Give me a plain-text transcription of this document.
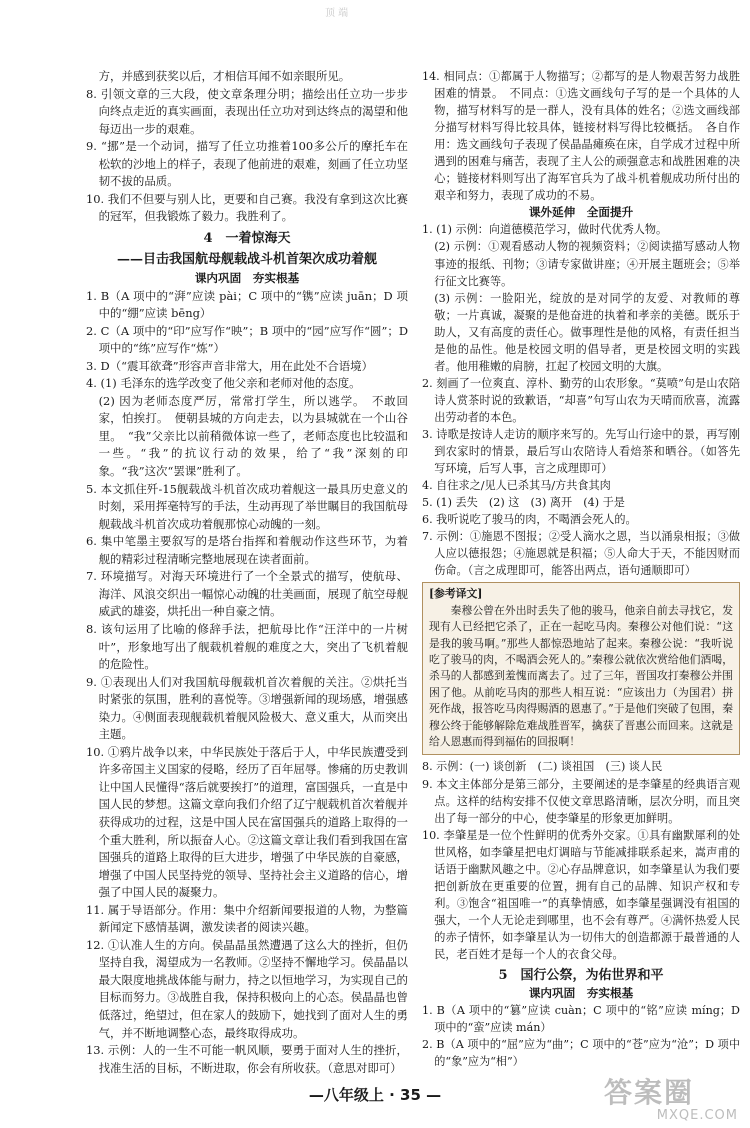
顶 端

方，并感到获奖以后，才相信耳闻不如亲眼所见。

8. 引领文章的三大段，使文章条理分明；描绘出任立功一步步向终点走近的真实画面，表现出任立功对到达终点的渴望和他每迈出一步的艰难。

9. “挪”是一个动词，描写了任立功推着100多公斤的摩托车在松软的沙地上的样子，表现了他前进的艰难，刻画了任立功坚韧不拔的品质。

10. 我们不但要与别人比，更要和自己赛。我没有拿到这次比赛的冠军，但我锻炼了毅力。我胜利了。

4　一着惊海天

——目击我国航母舰载战斗机首架次成功着舰

课内巩固　夯实根基

1. B（A 项中的“湃”应读 pài；C 项中的“镌”应读 juān；D 项中的“绷”应读 bēng）

2. C（A 项中的“印”应写作“映”；B 项中的“园”应写作“圆”；D 项中的“练”应写作“炼”）

3. D（“震耳欲聋”形容声音非常大，用在此处不合语境）

4. (1) 毛泽东的选学改变了他父亲和老师对他的态度。

(2) 因为老师态度严厉，常常打学生，所以逃学。　不敢回家，怕挨打。　便朝县城的方向走去，以为县城就在一个山谷里。　“我”父亲比以前稍微体谅一些了，老师态度也比较温和一些。“我”的抗议行动的效果，给了“我”深刻的印象。“我”这次“罢课”胜利了。

5. 本文抓住歼-15舰载战斗机首次成功着舰这一最具历史意义的时刻，采用挥毫特写的手法，生动再现了举世瞩目的我国航母舰载战斗机首次成功着舰那惊心动魄的一刻。

6. 集中笔墨主要叙写的是塔台指挥和着舰动作这些环节，为着舰的精彩过程清晰完整地展现在读者面前。

7. 环境描写。对海天环境进行了一个全景式的描写，使航母、海洋、风浪交织出一幅惊心动魄的壮美画面，展现了航空母舰威武的雄姿，烘托出一种自豪之情。

8. 该句运用了比喻的修辞手法，把航母比作“汪洋中的一片树叶”，形象地写出了舰载机着舰的难度之大，突出了飞机着舰的危险性。

9. ①表现出人们对我国航母舰载机首次着舰的关注。②烘托当时紧张的氛围，胜利的喜悦等。③增强新闻的现场感，增强感染力。④侧面表现舰载机着舰风险极大、意义重大，从而突出主题。

10. ①鸦片战争以来，中华民族处于落后于人，中华民族遭受到许多帝国主义国家的侵略，经历了百年屈辱。惨痛的历史教训让中国人民懂得“落后就要挨打”的道理，富国强兵，一直是中国人民的梦想。这篇文章向我们介绍了辽宁舰载机首次着舰并获得成功的过程，这是中国人民在富国强兵的道路上取得的一个重大胜利，所以振奋人心。②这篇文章让我们看到我国在富国强兵的道路上取得的巨大进步，增强了中华民族的自豪感，增强了中国人民坚持党的领导、坚持社会主义道路的信心，增强了中国人民的凝聚力。

11. 属于导语部分。作用：集中介绍新闻要报道的人物，为整篇新闻定下感情基调，激发读者的阅读兴趣。

12. ①认准人生的方向。侯晶晶虽然遭遇了这么大的挫折，但仍坚持自我，渴望成为一名教师。②坚持不懈地学习。侯晶晶以最大限度地挑战体能与耐力，持之以恒地学习，为实现自己的目标而努力。③战胜自我，保持积极向上的心态。侯晶晶也曾低落过，绝望过，但在家人的鼓励下，她找到了面对人生的勇气，并不断地调整心态，最终取得成功。

13. 示例：人的一生不可能一帆风顺，要勇于面对人生的挫折，找准生活的目标，不断进取，你会有所收获。（意思对即可）

14. 相同点：①都属于人物描写；②都写的是人物艰苦努力战胜困难的情景。　不同点：①选文画线句子写的是一个具体的人物，描写材料写的是一群人，没有具体的姓名；②选文画线部分描写材料写得比较具体，链接材料写得比较概括。　各自作用：选文画线句子表现了侯晶晶瘫痪在床，自学成才过程中所遇到的困难与痛苦，表现了主人公的顽强意志和战胜困难的决心；链接材料则写出了海军官兵为了战斗机着舰成功所付出的艰辛和努力，表现了成功的不易。

课外延伸　全面提升

1. (1) 示例：向道德模范学习，做时代优秀人物。

(2) 示例：①观看感动人物的视频资料；②阅读描写感动人物事迹的报纸、刊物；③请专家做讲座；④开展主题班会；⑤举行征文比赛等。

(3) 示例：一脸阳光，绽放的是对同学的友爱、对教师的尊敬；一片真诚，凝聚的是他奋进的执着和孝亲的美德。既乐于助人，又有高度的责任心。做事理性是他的风格，有责任担当是他的品性。他是校园文明的倡导者，更是校园文明的实践者。他用稚嫩的肩膀，扛起了校园文明的大旗。

2. 刻画了一位爽直、淳朴、勤劳的山农形象。“莫喷”句是山农陪诗人赏茶时说的致歉语，“却喜”句写山农为天晴而欣喜，流露出劳动者的本色。

3. 诗歌是按诗人走访的顺序来写的。先写山行途中的景，再写刚到农家时的情景，最后写山农陪诗人看焙茶和晒谷。（如答先写环境，后写人事，言之成理即可）

4. 自往求之/见人已杀其马/方共食其肉

5. (1) 丢失　(2) 这　(3) 离开　(4) 于是

6. 我听说吃了骏马的肉，不喝酒会死人的。

7. 示例：①施恩不图报；②受人滴水之恩，当以涌泉相报；③做人应以德报怨；④施恩就是积福；⑤人命大于天，不能因财而伤命。（言之成理即可，能答出两点，语句通顺即可）

[参考译文]

秦穆公曾在外出时丢失了他的骏马，他亲自前去寻找它，发现有人已经把它杀了，正在一起吃马肉。秦穆公对他们说：“这是我的骏马啊。”那些人都惊恐地站了起来。秦穆公说：“我听说吃了骏马的肉，不喝酒会死人的。”秦穆公就依次赏给他们酒喝，杀马的人都感到羞愧而离去了。过了三年，晋国攻打秦穆公并围困了他。从前吃马肉的那些人相互说：“应该出力（为国君）拼死作战，报答吃马肉得赐酒的恩惠了。”于是他们突破了包围，秦穆公终于能够解除危难战胜晋军，擒获了晋惠公而回来。这就是给人恩惠而得到福佑的回报啊！

8. 示例：(一) 谈创新　(二) 谈祖国　(三) 谈人民

9. 本文主体部分是第三部分，主要阐述的是李肇星的经典语言观点。这样的结构安排不仅使文章思路清晰，层次分明，而且突出了每一部分的中心，使李肇星的形象更加鲜明。

10. 李肇星是一位个性鲜明的优秀外交家。①具有幽默犀利的处世风格，如李肇星把电灯调暗与节能减排联系起来，嵩声甫的话语于幽默风趣之中。②心存品牌意识，如李肇星认为我们要把创新放在更重要的位置，拥有自己的品牌、知识产权和专利。③饱含“祖国唯一”的真挚情感，如李肇星强调没有祖国的强大，一个人无论走到哪里，也不会有尊严。④满怀热爱人民的赤子情怀，如李肇星认为一切伟大的创造都源于最普通的人民，老百姓才是每一个人的衣食父母。

5　国行公祭，为佑世界和平

课内巩固　夯实根基

1. B（A 项中的“篡”应读 cuàn；C 项中的“铭”应读 míng；D 项中的“蛮”应读 mán）

2. B（A 项中的“屈”应为“曲”；C 项中的“苍”应为“沧”；D 项中的“象”应为“相”）

—八年级上 · 35 —	答案圈
MXQE.COM
